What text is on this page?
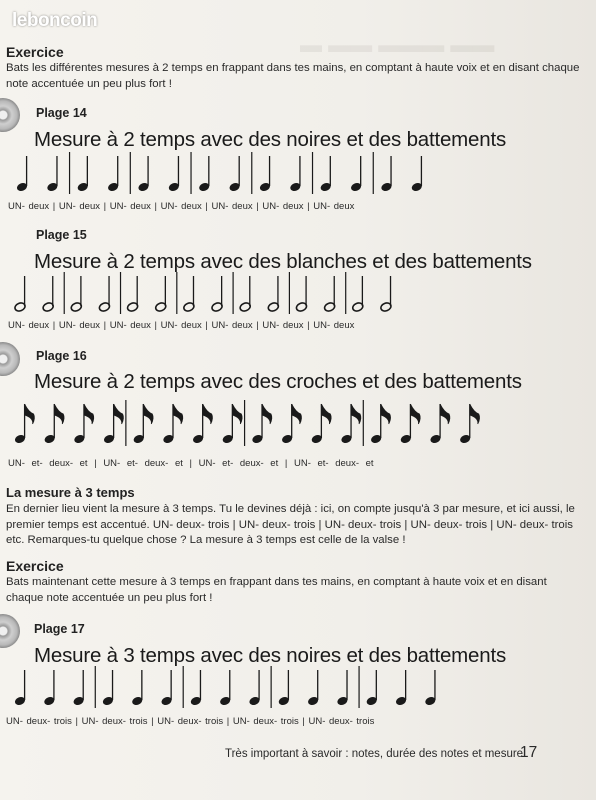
▬ ▬▬ ▬▬▬ ▬▬
leboncoin
Exercice
Bats les différentes mesures à 2 temps en frappant dans tes mains, en comptant à haute voix et en disant chaque note accentuée un peu plus fort !
Plage 14
Mesure à 2 temps avec des noires et des battements
UN- deux | UN- deux | UN- deux | UN- deux | UN- deux | UN- deux | UN- deux
Plage 15
Mesure à 2 temps avec des blanches et des battements
UN- deux | UN- deux | UN- deux | UN- deux | UN- deux | UN- deux | UN- deux
Plage 16
Mesure à 2 temps avec des croches et des battements
UN- et- deux- et | UN- et- deux- et | UN- et- deux- et | UN- et- deux- et
La mesure à 3 temps
En dernier lieu vient la mesure à 3 temps. Tu le devines déjà : ici, on compte jusqu'à 3 par mesure, et ici aussi, le premier temps est accentué. UN- deux- trois | UN- deux- trois | UN- deux- trois | UN- deux- trois | UN- deux- trois etc. Remarques-tu quelque chose ? La mesure à 3 temps est celle de la valse !
Exercice
Bats maintenant cette mesure à 3 temps en frappant dans tes mains, en comptant à haute voix et en disant chaque note accentuée un peu plus fort !
Plage 17
Mesure à 3 temps avec des noires et des battements
UN- deux- trois | UN- deux- trois | UN- deux- trois | UN- deux- trois | UN- deux- trois
Très important à savoir : notes, durée des notes et mesure
17
